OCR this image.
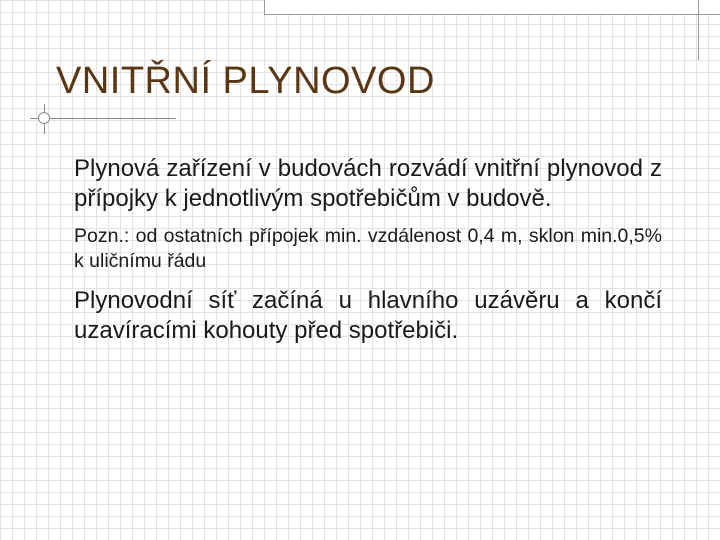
VNITŘNÍ PLYNOVOD

Plynová zařízení v budovách rozvádí vnitřní plynovod z přípojky k jednotlivým spotřebičům v budově.

Pozn.: od ostatních přípojek min. vzdálenost 0,4 m, sklon min.0,5% k uličnímu řádu

Plynovodní síť začíná u hlavního uzávěru a končí uzavíracími kohouty před spotřebiči.
